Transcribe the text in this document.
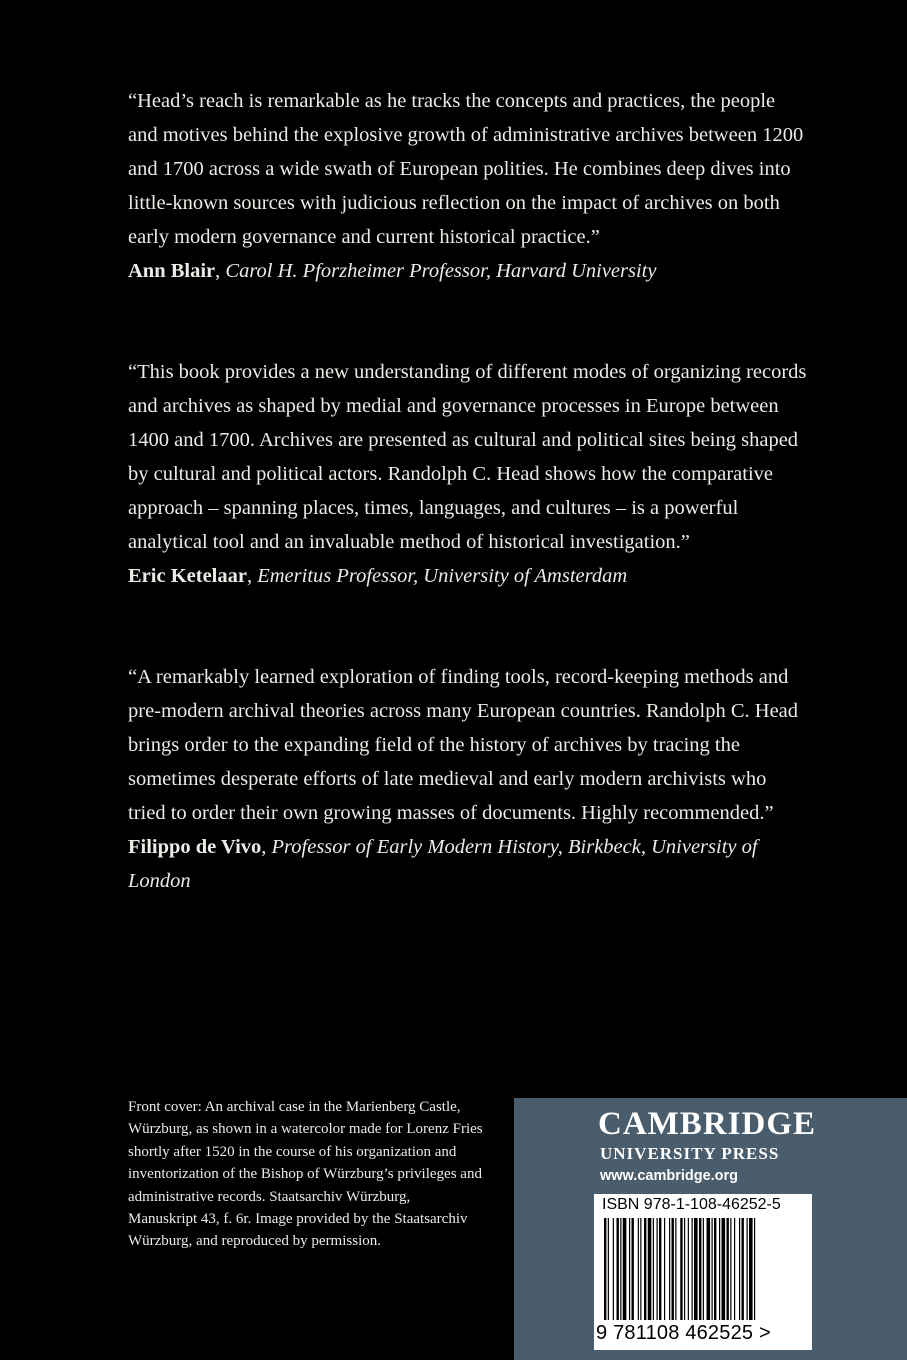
“Head’s reach is remarkable as he tracks the concepts and practices, the people and motives behind the explosive growth of administrative archives between 1200 and 1700 across a wide swath of European polities. He combines deep dives into little-known sources with judicious reflection on the impact of archives on both early modern governance and current historical practice.”

Ann Blair, Carol H. Pforzheimer Professor, Harvard University

“This book provides a new understanding of different modes of organizing records and archives as shaped by medial and governance processes in Europe between 1400 and 1700. Archives are presented as cultural and political sites being shaped by cultural and political actors. Randolph C. Head shows how the comparative approach – spanning places, times, languages, and cultures – is a powerful analytical tool and an invaluable method of historical investigation.”

Eric Ketelaar, Emeritus Professor, University of Amsterdam

“A remarkably learned exploration of finding tools, record-keeping methods and pre-modern archival theories across many European countries. Randolph C. Head brings order to the expanding field of the history of archives by tracing the sometimes desperate efforts of late medieval and early modern archivists who tried to order their own growing masses of documents. Highly recommended.”

Filippo de Vivo, Professor of Early Modern History, Birkbeck, University of London

Front cover: An archival case in the Marienberg Castle, Würzburg, as shown in a watercolor made for Lorenz Fries shortly after 1520 in the course of his organization and inventorization of the Bishop of Würzburg’s privileges and administrative records. Staatsarchiv Würzburg, Manuskript 43, f. 6r. Image provided by the Staatsarchiv Würzburg, and reproduced by permission.

CAMBRIDGE

UNIVERSITY PRESS

www.cambridge.org

ISBN 978-1-108-46252-5

9 781108 462525 >
